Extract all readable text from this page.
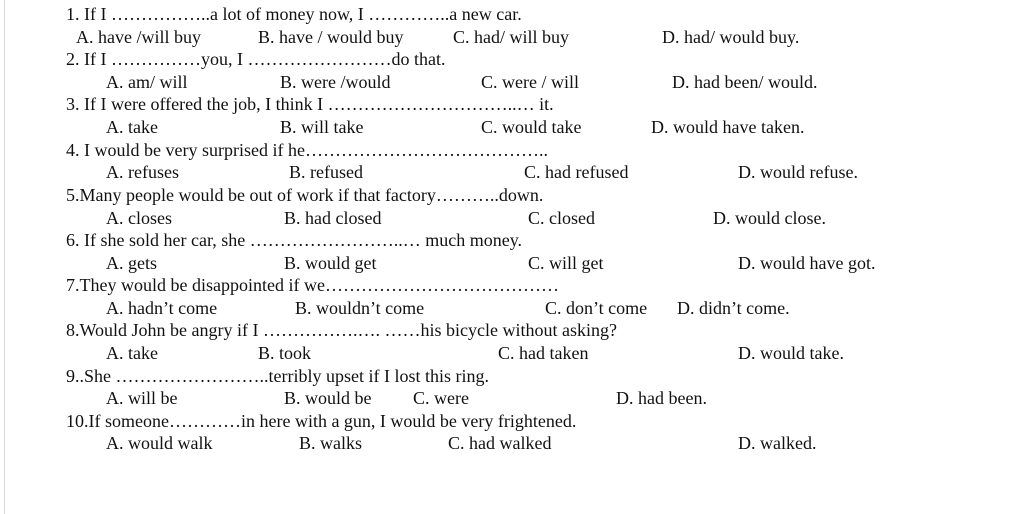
1. If I ……………..a lot of money now, I …………..a new car.
A. have /will buy	B. have / would buy	C. had/ will buy	D. had/ would buy.
2. If I ……………you, I ……………………do that.
A. am/ will	B. were /would	C. were / will	D. had been/ would.
3. If I were offered the job, I think I …………………………..… it.
A. take	B. will take	C. would take	D. would have taken.
4. I would be very surprised if he…………………………………..
A. refuses	B. refused	C. had refused	D. would refuse.
5.Many people would be out of work if that factory………..down.
A. closes	B. had closed	C. closed	D. would close.
6. If she sold her car, she ……………………..… much money.
A. gets	B. would get	C. will get	D. would have got.
7.They would be disappointed if we…………………………………
A. hadn’t come	B. wouldn’t come	C. don’t come D. didn’t come.
8.Would John be angry if I …………….…. ……his bicycle without asking?
A. take	B. took	C. had taken	D. would take.
9..She ……………………..terribly upset if I lost this ring.
A. will be	B. would be C. were	D. had been.
10.If someone…………in here with a gun, I would be very frightened.
A. would walk	B. walks	C. had walked	D. walked.
